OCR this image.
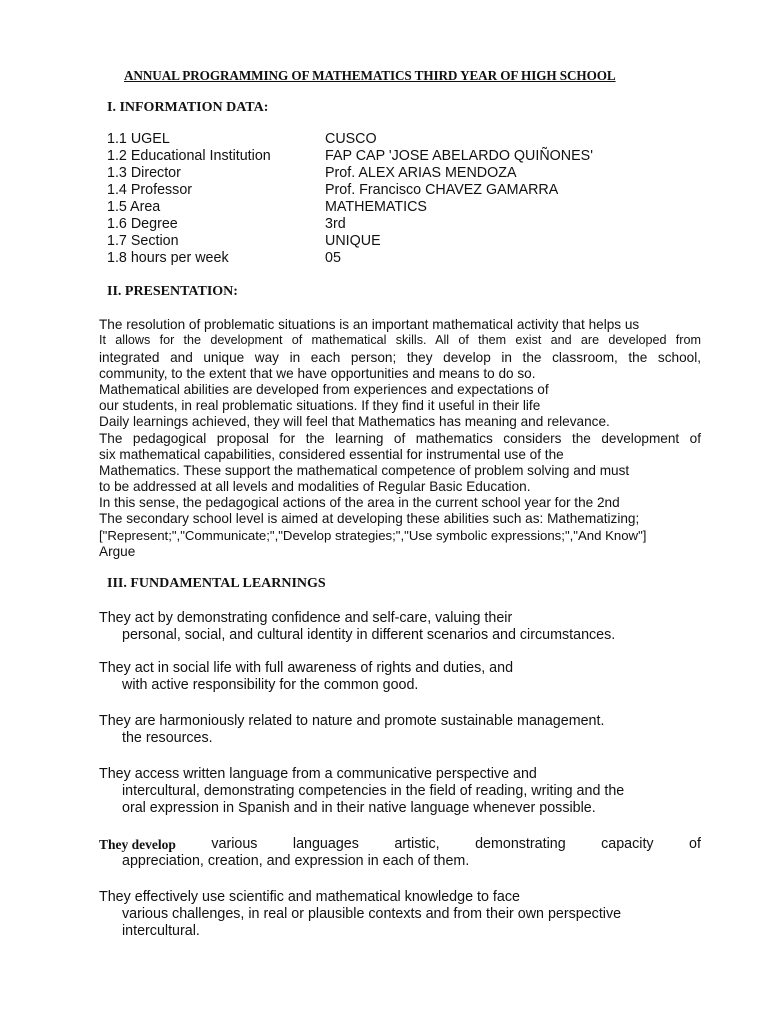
ANNUAL PROGRAMMING OF MATHEMATICS THIRD YEAR OF HIGH SCHOOL
I. INFORMATION DATA:
1.1 UGEL	CUSCO
1.2 Educational Institution	FAP CAP 'JOSE ABELARDO QUIÑONES'
1.3 Director	Prof. ALEX ARIAS MENDOZA
1.4 Professor	Prof. Francisco CHAVEZ GAMARRA
1.5 Area	MATHEMATICS
1.6 Degree	3rd
1.7 Section	UNIQUE
1.8 hours per week	05
II. PRESENTATION:
The resolution of problematic situations is an important mathematical activity that helps us
It allows for the development of mathematical skills. All of them exist and are developed from
integrated and unique way in each person; they develop in the classroom, the school,
community, to the extent that we have opportunities and means to do so.
Mathematical abilities are developed from experiences and expectations of
our students, in real problematic situations. If they find it useful in their life
Daily learnings achieved, they will feel that Mathematics has meaning and relevance.
The pedagogical proposal for the learning of mathematics considers the development of
six mathematical capabilities, considered essential for instrumental use of the
Mathematics. These support the mathematical competence of problem solving and must
to be addressed at all levels and modalities of Regular Basic Education.
In this sense, the pedagogical actions of the area in the current school year for the 2nd
The secondary school level is aimed at developing these abilities such as: Mathematizing;
["Represent;","Communicate;","Develop strategies;","Use symbolic expressions;","And Know"]
Argue
III. FUNDAMENTAL LEARNINGS
They act by demonstrating confidence and self-care, valuing their
personal, social, and cultural identity in different scenarios and circumstances.
They act in social life with full awareness of rights and duties, and
with active responsibility for the common good.
They are harmoniously related to nature and promote sustainable management.
the resources.
They access written language from a communicative perspective and
intercultural, demonstrating competencies in the field of reading, writing and the
oral expression in Spanish and in their native language whenever possible.
They develop various languages artistic, demonstrating capacity of
appreciation, creation, and expression in each of them.
They effectively use scientific and mathematical knowledge to face
various challenges, in real or plausible contexts and from their own perspective
intercultural.
